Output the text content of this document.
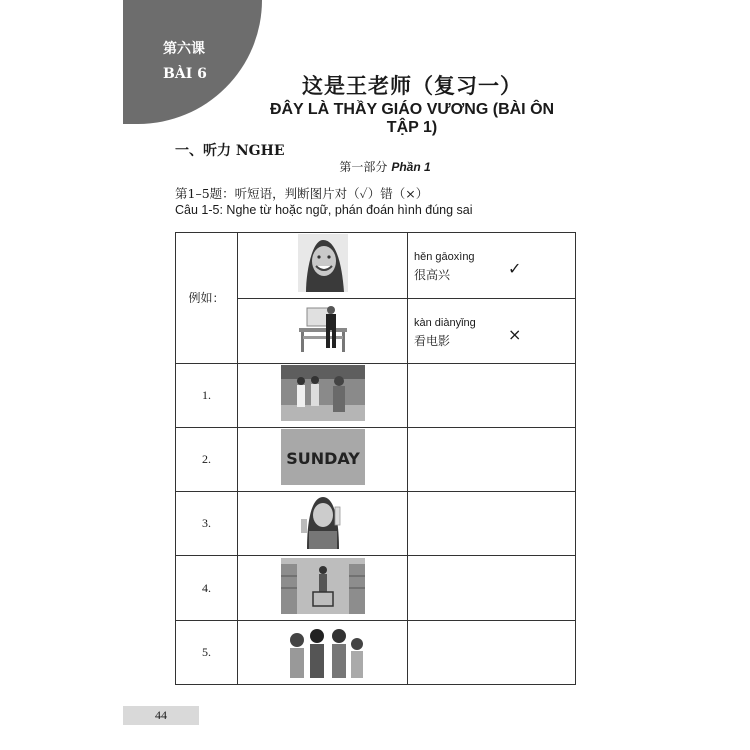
第六课
BÀI 6	这是王老师（复习一）
ĐÂY LÀ THẦY GIÁO VƯƠNG (BÀI ÔN TẬP 1)
一、听力 NGHE
第一部分 Phần 1
第1–5题：听短语，判断图片对（✓）错（×）
Câu 1-5: Nghe từ hoặc ngữ, phán đoán hình đúng sai
例如：		hěn gāoxìng
很高兴 ✓

kàn diànyǐng
看电影 ×

1.		
2.	SUNDAY	

3.		
4.		
5.		
44
